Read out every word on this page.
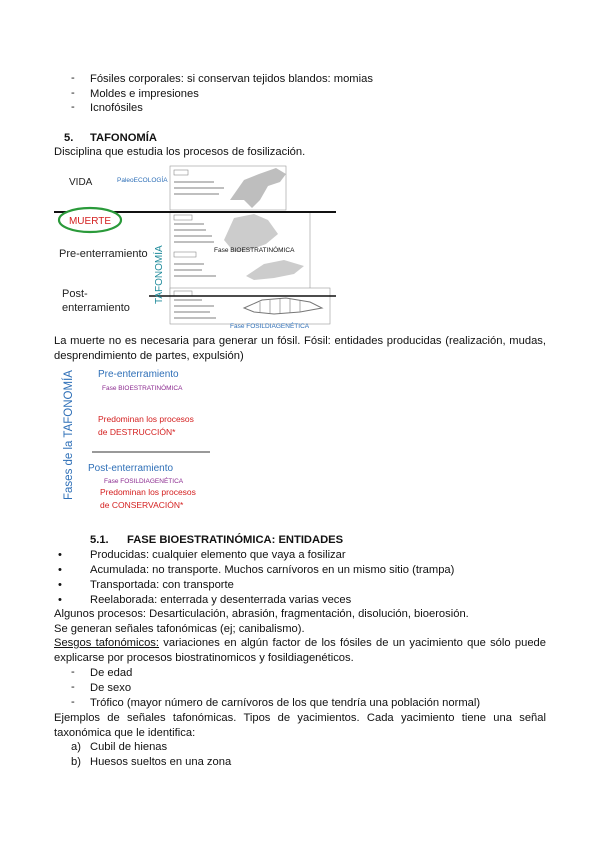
- Fósiles corporales: si conservan tejidos blandos: momias
- Moldes e impresiones
- Icnofósiles
5. TAFONOMÍA
Disciplina que estudia los procesos de fosilización.
VIDA	PaleoECOLOGÍA
MUERTE
Pre-enterramiento
Post-
enterramiento
TAFONOMÍA	Fase BIOESTRATINÓMICA
Fase FOSILDIAGENÉTICA
La muerte no es necesaria para generar un fósil. Fósil: entidades producidas (realización, mudas, desprendimiento de partes, expulsión)
Fases de la TAFONOMÍA Pre-enterramiento
Fase BIOESTRATINÓMICA
Predominan los procesos
de DESTRUCCIÓN*
Post-enterramiento
Fase FOSILDIAGENÉTICA
Predominan los procesos
de CONSERVACIÓN*
5.1. FASE BIOESTRATINÓMICA: ENTIDADES
•	Producidas: cualquier elemento que vaya a fosilizar
•	Acumulada: no transporte. Muchos carnívoros en un mismo sitio (trampa)
•	Transportada: con transporte
•	Reelaborada: enterrada y desenterrada varias veces
Algunos procesos: Desarticulación, abrasión, fragmentación, disolución, bioerosión.
Se generan señales tafonómicas (ej; canibalismo).
Sesgos tafonómicos: variaciones en algún factor de los fósiles de un yacimiento que sólo puede explicarse por procesos biostratinomicos y fosildiagenéticos.
- De edad
- De sexo
- Trófico (mayor número de carnívoros de los que tendría una población normal)
Ejemplos de señales tafonómicas. Tipos de yacimientos. Cada yacimiento tiene una señal taxonómica que le identifica:
a) Cubil de hienas
b) Huesos sueltos en una zona
